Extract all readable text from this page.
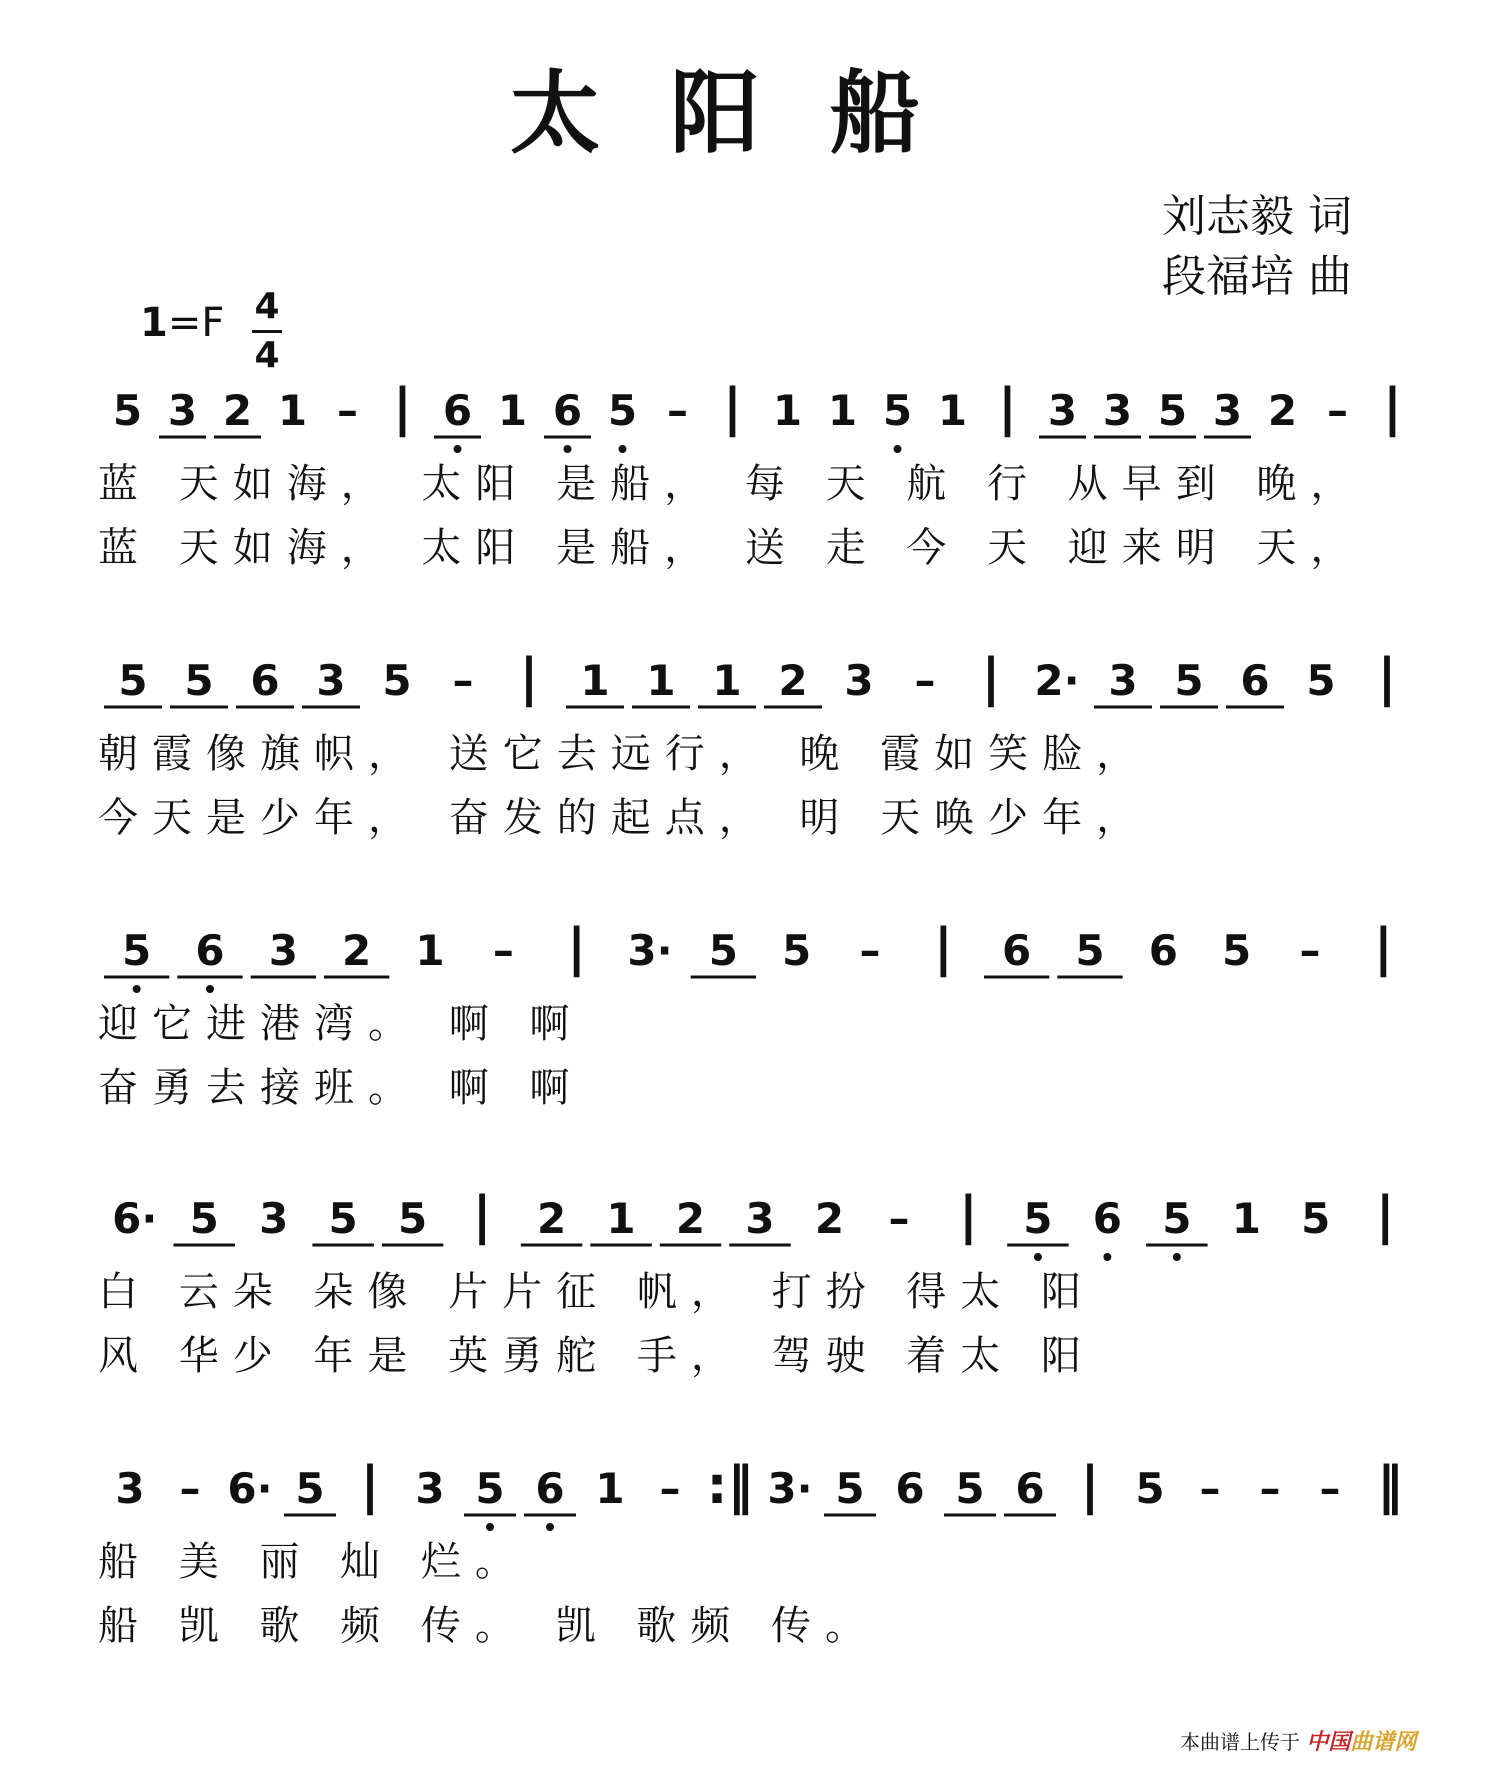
太阳船
刘志毅 词
段福培 曲
1=F 4
4
5 3 2 1 – | 6 1 6 5 – | 1 1 5 1 | 3 3 5 3 2 – |
蓝 天如海， 太阳 是船， 每 天 航 行 从早到 晚，
蓝 天如海， 太阳 是船， 送 走 今 天 迎来明 天，
5 5 6 3 5 – | 1 1 1 2 3 – | 2· 3 5 6 5 |
朝霞像旗帜， 送它去远行， 晚 霞如笑脸，
今天是少年， 奋发的起点， 明 天唤少年，
5 6 3 2 1 – | 3· 5 5 – | 6 5 6 5 – |
迎它进港湾。 啊 啊
奋勇去接班。 啊 啊
6· 5 3 5 5 | 2 1 2 3 2 – | 5 6 5 1 5 |
白 云朵 朵像 片片征 帆， 打扮 得太 阳
风 华少 年是 英勇舵 手， 驾驶 着太 阳
3 – 6· 5 | 3 5 6 1 – :‖ 3· 5 6 5 6 | 5 – – – ‖
船 美 丽 灿 烂。
船 凯 歌 频 传。 凯 歌频 传。
本曲谱上传于 中国曲谱网
